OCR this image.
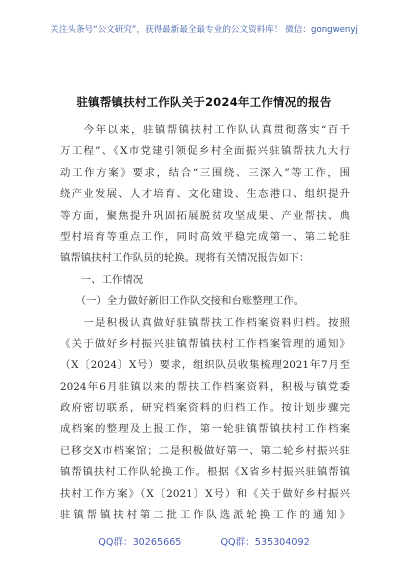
关注头条号“公文研究”，获得最新最全最专业的公文资料库！ 微信：gongwenyj
驻镇帮镇扶村工作队关于2024年工作情况的报告
　　今年以来，驻镇帮镇扶村工作队认真贯彻落实“百千
万工程”、《X市党建引领促乡村全面振兴驻镇帮扶九大行
动工作方案》要求，结合“三围绕、三深入”等工作，围
绕产业发展、人才培育、文化建设、生态港口、组织提升
等方面，聚焦提升巩固拓展脱贫攻坚成果、产业帮扶、典
型村培育等重点工作，同时高效平稳完成第一、第二轮驻
镇帮镇扶村工作队员的轮换。现将有关情况报告如下：
　　一、工作情况
　　（一）全力做好新旧工作队交接和台账整理工作。
　　一是积极认真做好驻镇帮扶工作档案资料归档。按照
《关于做好乡村振兴驻镇帮镇扶村工作档案管理的通知》
（X〔2024〕X号）要求，组织队员收集梳理2021年7月至
2024年6月驻镇以来的帮扶工作档案资料，积极与镇党委
政府密切联系，研究档案资料的归档工作。按计划步骤完
成档案的整理及上报工作，第一轮驻镇帮镇扶村工作档案
已移交X市档案馆；二是积极做好第一、第二轮乡村振兴驻
镇帮镇扶村工作队轮换工作。根据《X省乡村振兴驻镇帮镇
扶村工作方案》（X〔2021〕X号）和《关于做好乡村振兴
驻镇帮镇扶村第二批工作队选派轮换工作的通知》
QQ群：30265665	QQ群：535304092
